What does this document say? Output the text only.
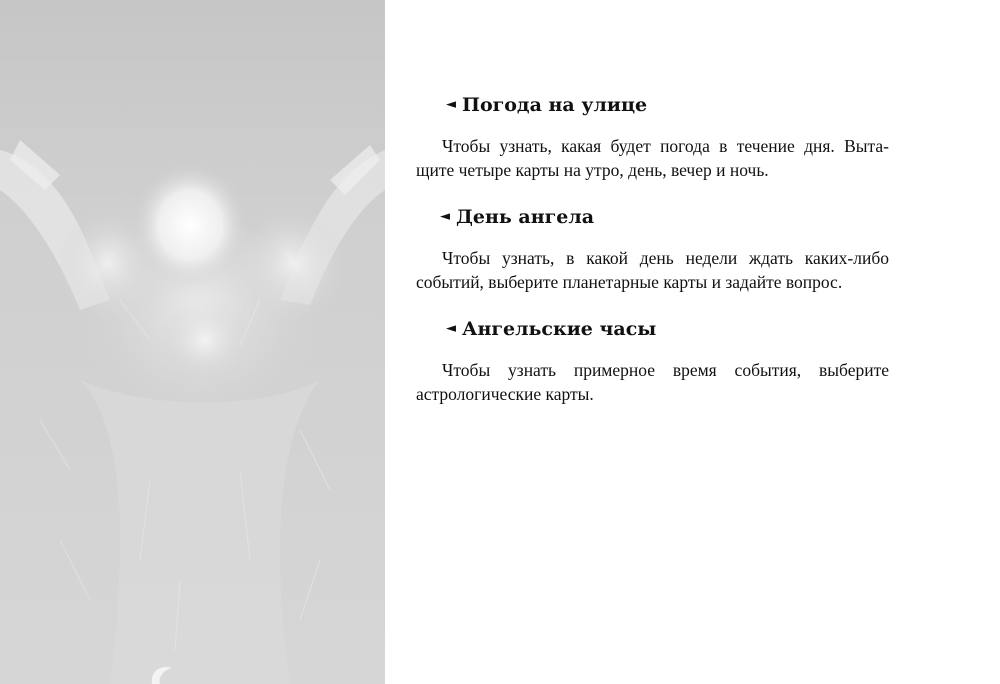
◄ Погода на улице

Чтобы узнать, какая будет погода в течение дня. Выта-
щите четыре карты на утро, день, вечер и ночь.

◄ День ангела

Чтобы узнать, в какой день недели ждать каких-либо
событий, выберите планетарные карты и задайте вопрос.

◄ Ангельские часы

Чтобы узнать примерное время события, выберите
астрологические карты.
